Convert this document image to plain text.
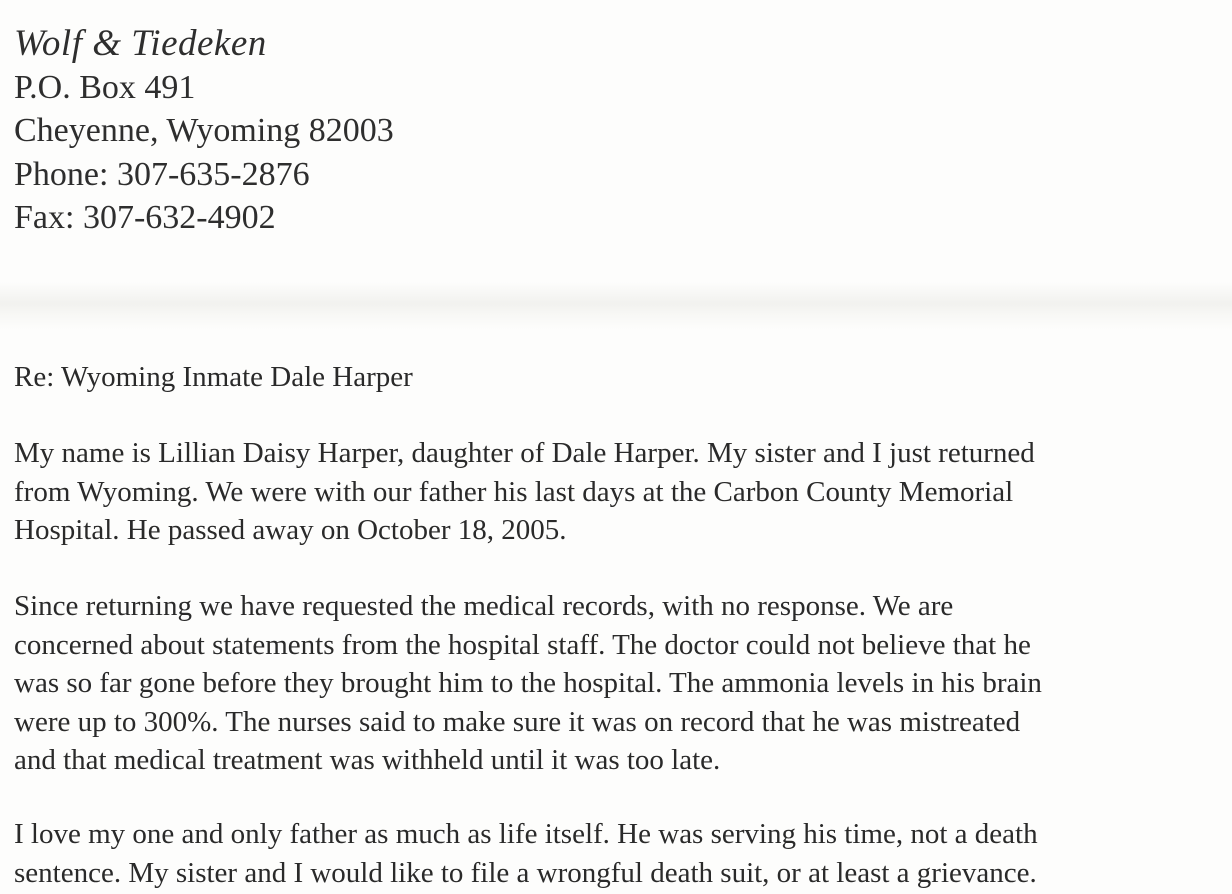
Wolf & Tiedeken
P.O. Box 491
Cheyenne, Wyoming 82003
Phone: 307-635-2876
Fax: 307-632-4902
Re: Wyoming Inmate Dale Harper
My name is Lillian Daisy Harper, daughter of Dale Harper. My sister and I just returned
from Wyoming. We were with our father his last days at the Carbon County Memorial
Hospital. He passed away on October 18, 2005.
Since returning we have requested the medical records, with no response. We are
concerned about statements from the hospital staff. The doctor could not believe that he
was so far gone before they brought him to the hospital. The ammonia levels in his brain
were up to 300%. The nurses said to make sure it was on record that he was mistreated
and that medical treatment was withheld until it was too late.
I love my one and only father as much as life itself. He was serving his time, not a death
sentence. My sister and I would like to file a wrongful death suit, or at least a grievance.
